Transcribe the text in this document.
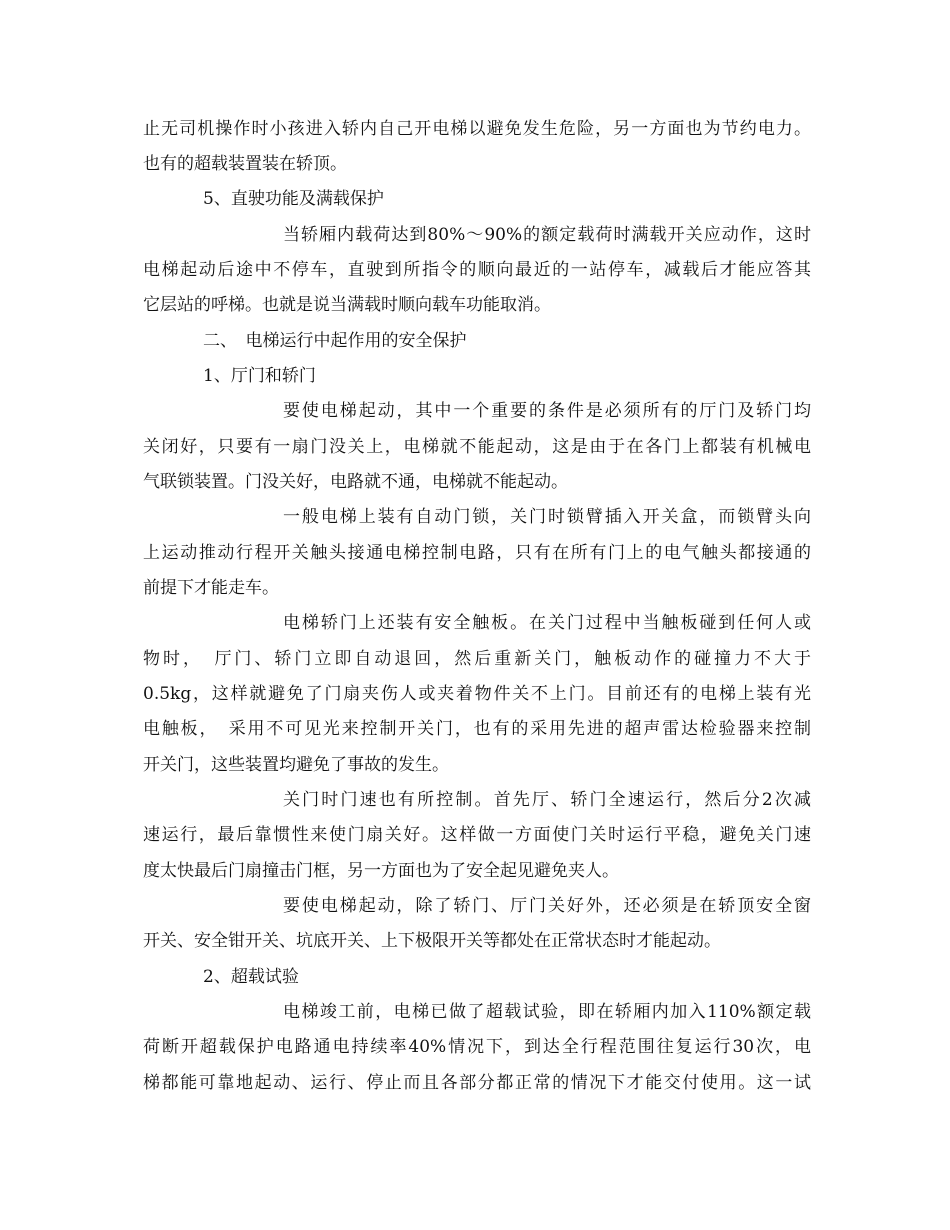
止无司机操作时小孩进入轿内自己开电梯以避免发生危险，另一方面也为节约电力。
也有的超载装置装在轿顶。
5、直驶功能及满载保护
当轿厢内载荷达到80%～90%的额定载荷时满载开关应动作，这时
电梯起动后途中不停车，直驶到所指令的顺向最近的一站停车，减载后才能应答其
它层站的呼梯。也就是说当满载时顺向载车功能取消。
二、　电梯运行中起作用的安全保护
1、厅门和轿门
要使电梯起动，其中一个重要的条件是必须所有的厅门及轿门均
关闭好，只要有一扇门没关上，电梯就不能起动，这是由于在各门上都装有机械电
气联锁装置。门没关好，电路就不通，电梯就不能起动。
一般电梯上装有自动门锁，关门时锁臂插入开关盒，而锁臂头向
上运动推动行程开关触头接通电梯控制电路，只有在所有门上的电气触头都接通的
前提下才能走车。
电梯轿门上还装有安全触板。在关门过程中当触板碰到任何人或
物时，　厅门、轿门立即自动退回，然后重新关门，触板动作的碰撞力不大于
0.5kg，这样就避免了门扇夹伤人或夹着物件关不上门。目前还有的电梯上装有光
电触板，　采用不可见光来控制开关门，也有的采用先进的超声雷达检验器来控制
开关门，这些装置均避免了事故的发生。
关门时门速也有所控制。首先厅、轿门全速运行，然后分2次减
速运行，最后靠惯性来使门扇关好。这样做一方面使门关时运行平稳，避免关门速
度太快最后门扇撞击门框，另一方面也为了安全起见避免夹人。
要使电梯起动，除了轿门、厅门关好外，还必须是在轿顶安全窗
开关、安全钳开关、坑底开关、上下极限开关等都处在正常状态时才能起动。
2、超载试验
电梯竣工前，电梯已做了超载试验，即在轿厢内加入110%额定载
荷断开超载保护电路通电持续率40%情况下，到达全行程范围往复运行30次，电
梯都能可靠地起动、运行、停止而且各部分都正常的情况下才能交付使用。这一试
